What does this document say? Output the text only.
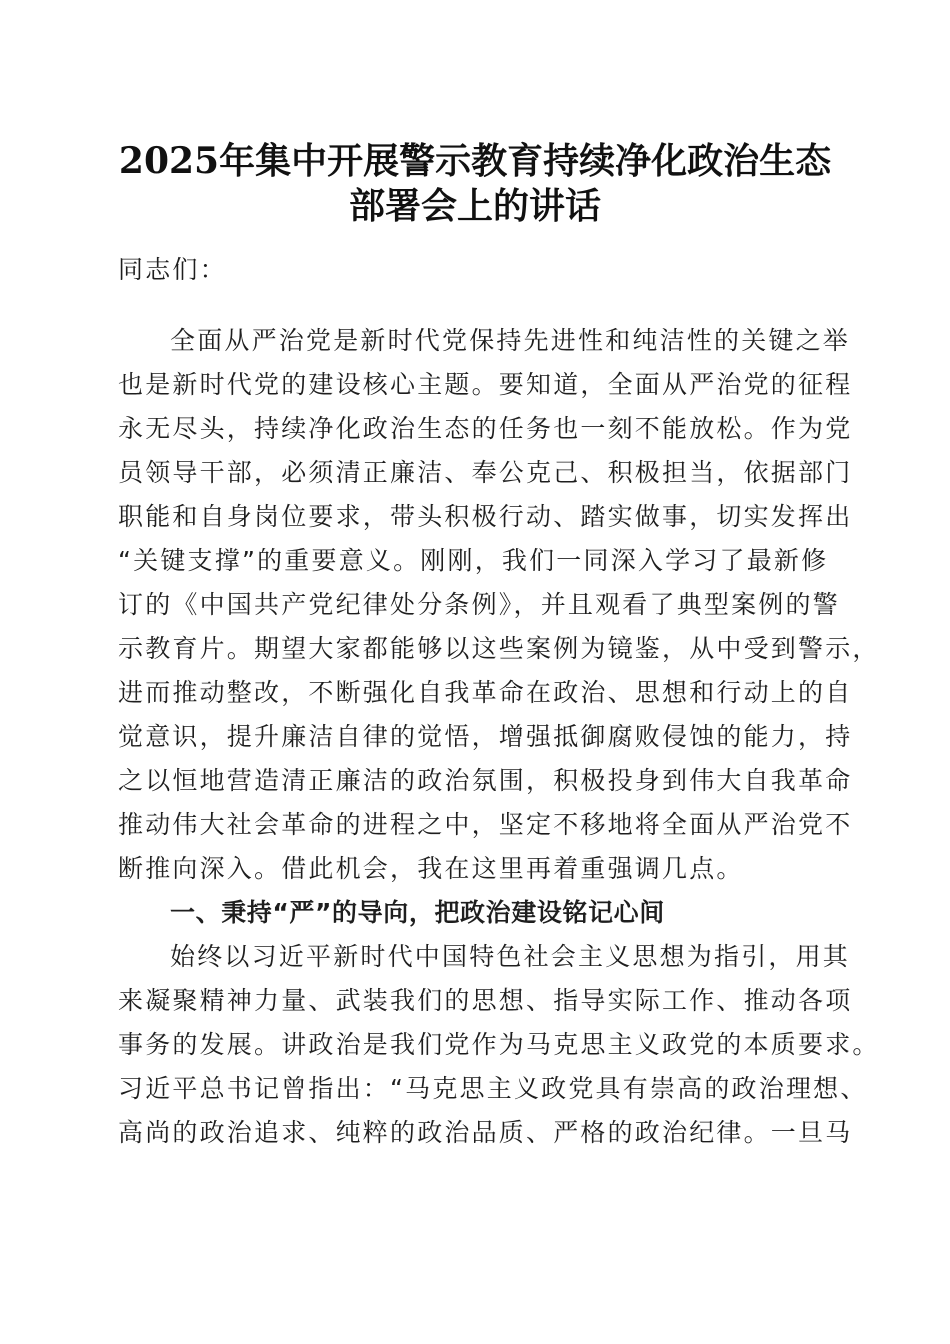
2025年集中开展警示教育持续净化政治生态
部署会上的讲话
同志们：
全面从严治党是新时代党保持先进性和纯洁性的关键之举
也是新时代党的建设核心主题。要知道，全面从严治党的征程
永无尽头，持续净化政治生态的任务也一刻不能放松。作为党
员领导干部，必须清正廉洁、奉公克己、积极担当，依据部门
职能和自身岗位要求，带头积极行动、踏实做事，切实发挥出
“关键支撑”的重要意义。刚刚，我们一同深入学习了最新修
订的《中国共产党纪律处分条例》，并且观看了典型案例的警
示教育片。期望大家都能够以这些案例为镜鉴，从中受到警示，
进而推动整改，不断强化自我革命在政治、思想和行动上的自
觉意识，提升廉洁自律的觉悟，增强抵御腐败侵蚀的能力，持
之以恒地营造清正廉洁的政治氛围，积极投身到伟大自我革命
推动伟大社会革命的进程之中，坚定不移地将全面从严治党不
断推向深入。借此机会，我在这里再着重强调几点。
一、秉持“严”的导向，把政治建设铭记心间
始终以习近平新时代中国特色社会主义思想为指引，用其
来凝聚精神力量、武装我们的思想、指导实际工作、推动各项
事务的发展。讲政治是我们党作为马克思主义政党的本质要求。
习近平总书记曾指出：“马克思主义政党具有崇高的政治理想、
高尚的政治追求、纯粹的政治品质、严格的政治纪律。一旦马
